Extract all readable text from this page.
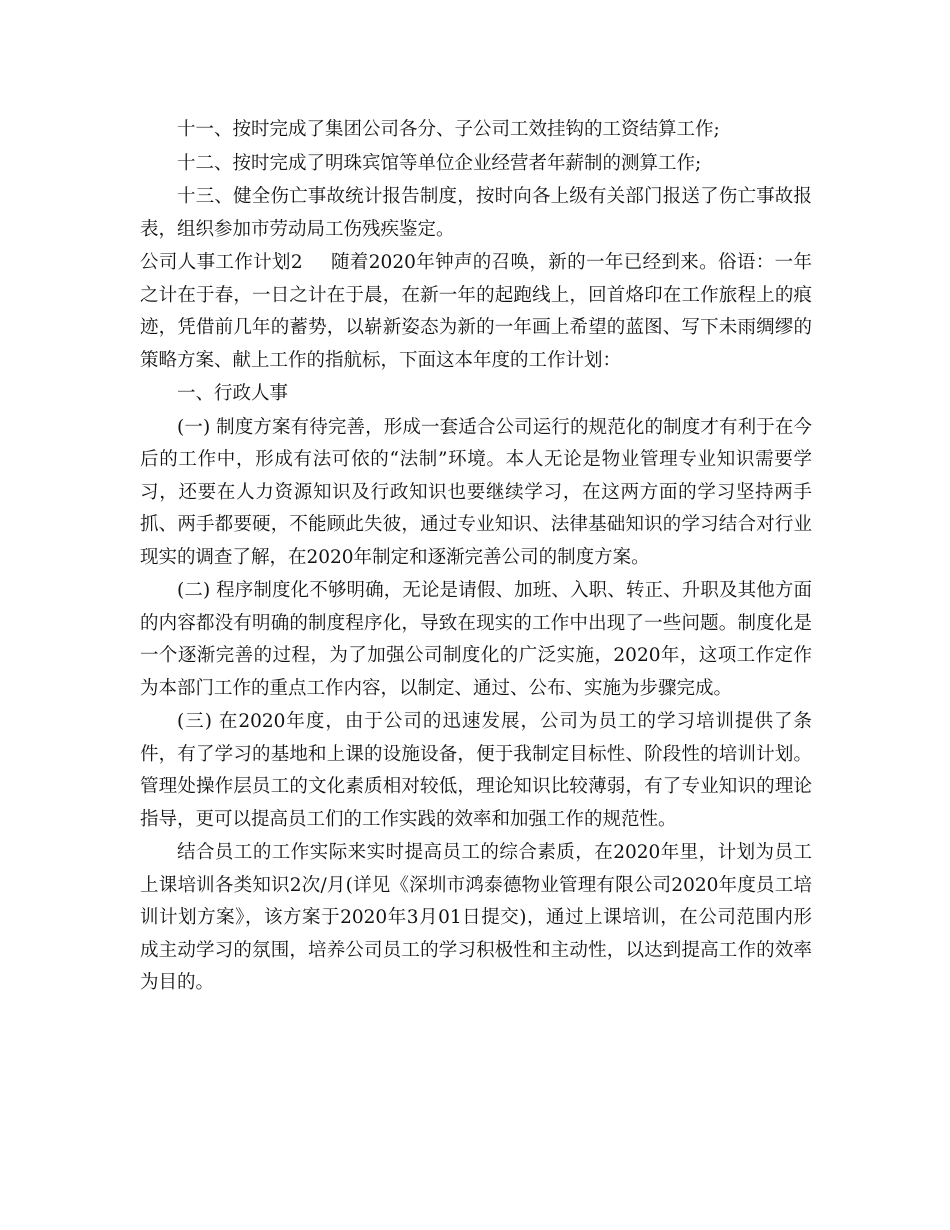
十一、按时完成了集团公司各分、子公司工效挂钩的工资结算工作;

十二、按时完成了明珠宾馆等单位企业经营者年薪制的测算工作;

十三、健全伤亡事故统计报告制度，按时向各上级有关部门报送了伤亡事故报表，组织参加市劳动局工伤残疾鉴定。

公司人事工作计划2 随着2020年钟声的召唤，新的一年已经到来。俗语：一年之计在于春，一日之计在于晨，在新一年的起跑线上，回首烙印在工作旅程上的痕迹，凭借前几年的蓄势，以崭新姿态为新的一年画上希望的蓝图、写下未雨绸缪的策略方案、献上工作的指航标，下面这本年度的工作计划：

一、行政人事

(一) 制度方案有待完善，形成一套适合公司运行的规范化的制度才有利于在今后的工作中，形成有法可依的“法制”环境。本人无论是物业管理专业知识需要学习，还要在人力资源知识及行政知识也要继续学习，在这两方面的学习坚持两手抓、两手都要硬，不能顾此失彼，通过专业知识、法律基础知识的学习结合对行业现实的调查了解，在2020年制定和逐渐完善公司的制度方案。

(二) 程序制度化不够明确，无论是请假、加班、入职、转正、升职及其他方面的内容都没有明确的制度程序化，导致在现实的工作中出现了一些问题。制度化是一个逐渐完善的过程，为了加强公司制度化的广泛实施，2020年，这项工作定作为本部门工作的重点工作内容，以制定、通过、公布、实施为步骤完成。

(三) 在2020年度，由于公司的迅速发展，公司为员工的学习培训提供了条件，有了学习的基地和上课的设施设备，便于我制定目标性、阶段性的培训计划。管理处操作层员工的文化素质相对较低，理论知识比较薄弱，有了专业知识的理论指导，更可以提高员工们的工作实践的效率和加强工作的规范性。

结合员工的工作实际来实时提高员工的综合素质，在2020年里，计划为员工上课培训各类知识2次/月(详见《深圳市鸿泰德物业管理有限公司2020年度员工培训计划方案》，该方案于2020年3月01日提交)，通过上课培训，在公司范围内形成主动学习的氛围，培养公司员工的学习积极性和主动性，以达到提高工作的效率为目的。
